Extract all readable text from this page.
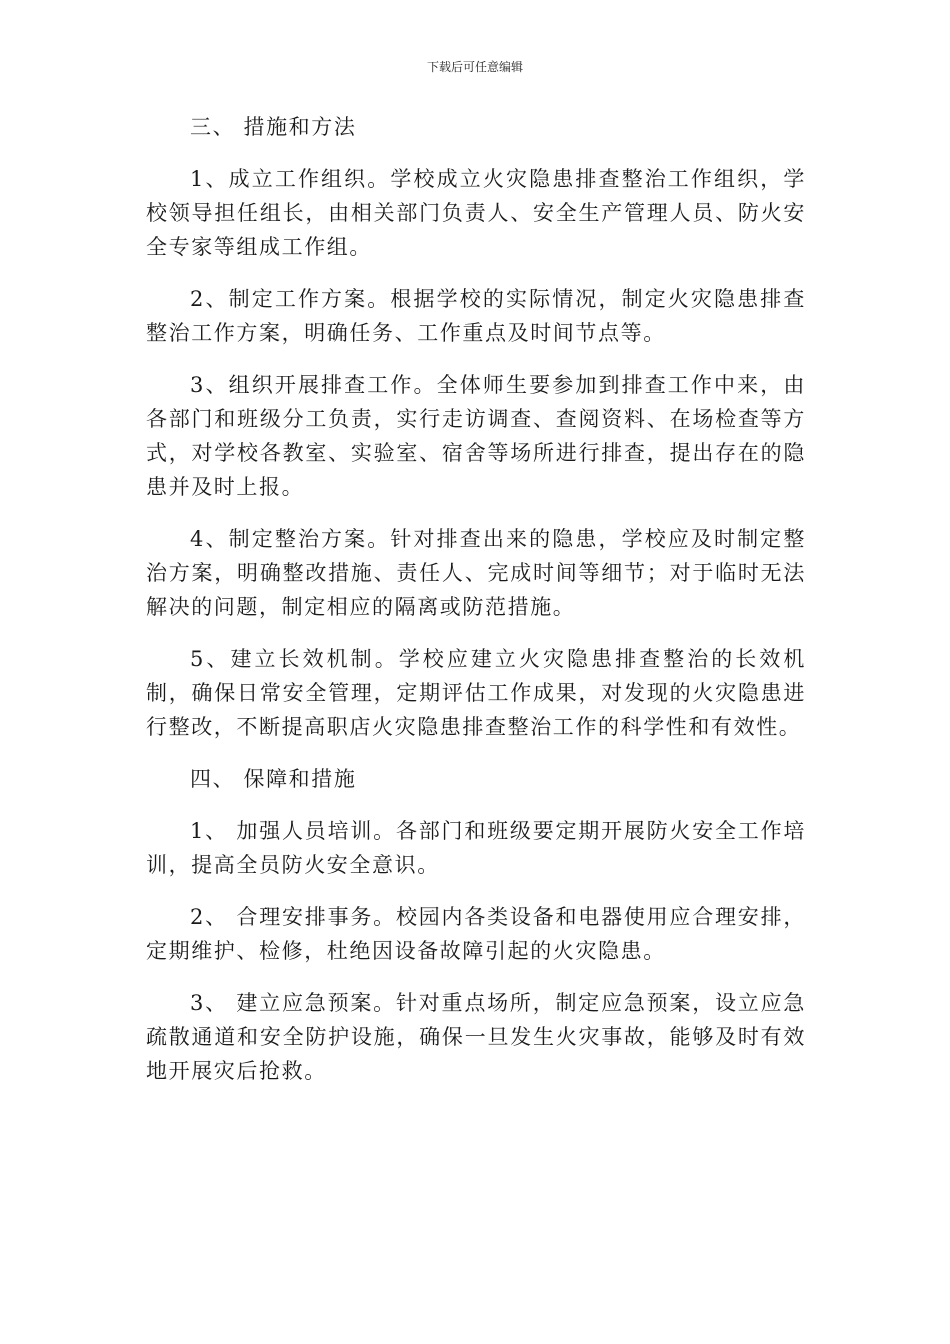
下载后可任意编辑
三、 措施和方法
1、成立工作组织。学校成立火灾隐患排查整治工作组织，学校领导担任组长，由相关部门负责人、安全生产管理人员、防火安全专家等组成工作组。
2、制定工作方案。根据学校的实际情况，制定火灾隐患排查整治工作方案，明确任务、工作重点及时间节点等。
3、组织开展排查工作。全体师生要参加到排查工作中来，由各部门和班级分工负责，实行走访调查、查阅资料、在场检查等方式，对学校各教室、实验室、宿舍等场所进行排查，提出存在的隐患并及时上报。
4、制定整治方案。针对排查出来的隐患，学校应及时制定整治方案，明确整改措施、责任人、完成时间等细节；对于临时无法解决的问题，制定相应的隔离或防范措施。
5、建立长效机制。学校应建立火灾隐患排查整治的长效机制，确保日常安全管理，定期评估工作成果，对发现的火灾隐患进行整改，不断提高职店火灾隐患排查整治工作的科学性和有效性。
四、 保障和措施
1、 加强人员培训。各部门和班级要定期开展防火安全工作培训，提高全员防火安全意识。
2、 合理安排事务。校园内各类设备和电器使用应合理安排，定期维护、检修，杜绝因设备故障引起的火灾隐患。
3、 建立应急预案。针对重点场所，制定应急预案，设立应急疏散通道和安全防护设施，确保一旦发生火灾事故，能够及时有效地开展灾后抢救。
